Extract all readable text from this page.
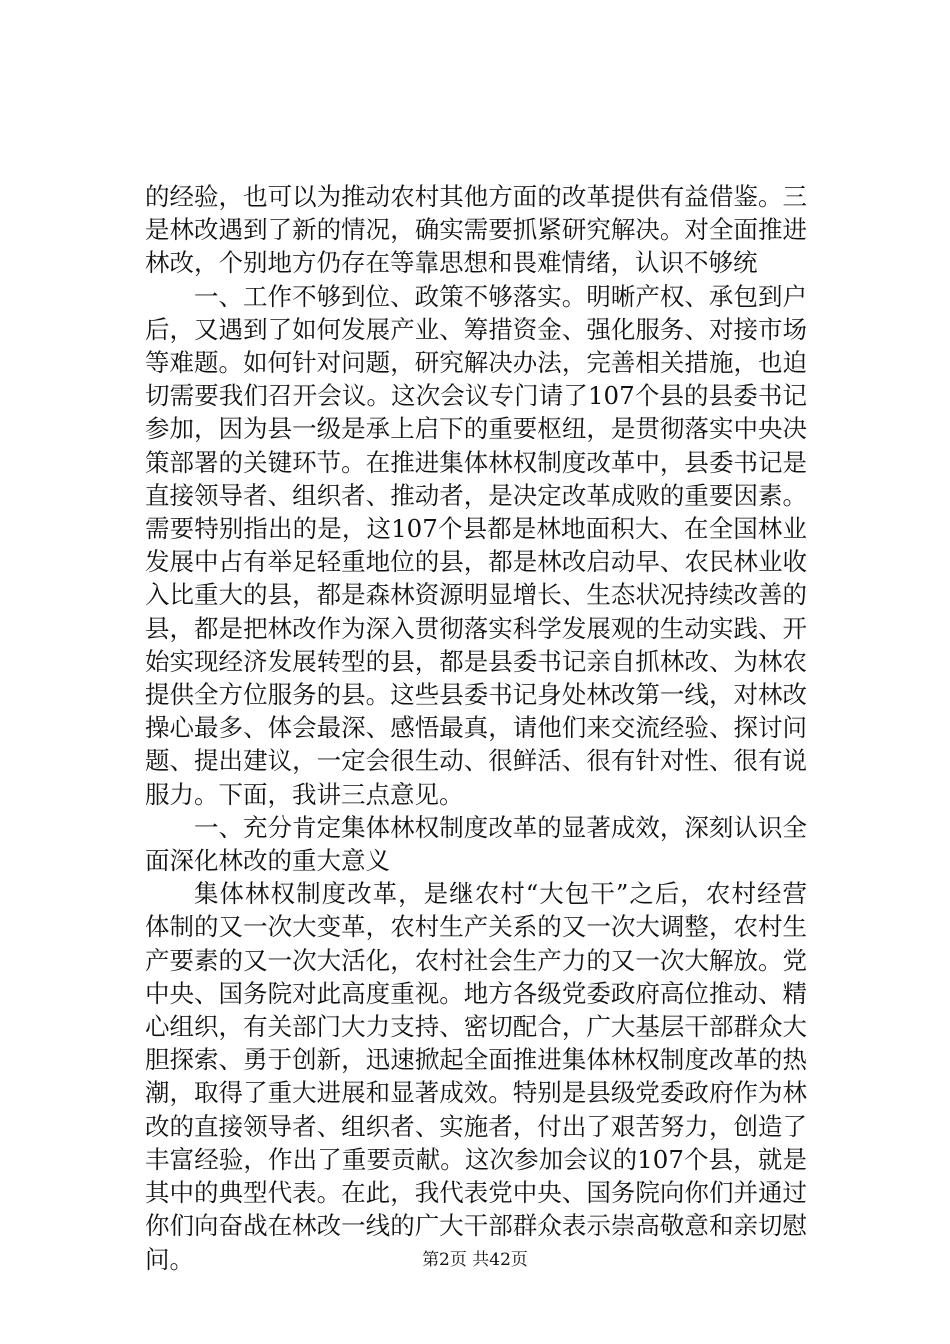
的经验，也可以为推动农村其他方面的改革提供有益借鉴。三是林改遇到了新的情况，确实需要抓紧研究解决。对全面推进林改，个别地方仍存在等靠思想和畏难情绪，认识不够统

一、工作不够到位、政策不够落实。明晰产权、承包到户后，又遇到了如何发展产业、筹措资金、强化服务、对接市场等难题。如何针对问题，研究解决办法，完善相关措施，也迫切需要我们召开会议。这次会议专门请了107个县的县委书记参加，因为县一级是承上启下的重要枢纽，是贯彻落实中央决策部署的关键环节。在推进集体林权制度改革中，县委书记是直接领导者、组织者、推动者，是决定改革成败的重要因素。需要特别指出的是，这107个县都是林地面积大、在全国林业发展中占有举足轻重地位的县，都是林改启动早、农民林业收入比重大的县，都是森林资源明显增长、生态状况持续改善的县，都是把林改作为深入贯彻落实科学发展观的生动实践、开始实现经济发展转型的县，都是县委书记亲自抓林改、为林农提供全方位服务的县。这些县委书记身处林改第一线，对林改操心最多、体会最深、感悟最真，请他们来交流经验、探讨问题、提出建议，一定会很生动、很鲜活、很有针对性、很有说服力。下面，我讲三点意见。

一、充分肯定集体林权制度改革的显著成效，深刻认识全面深化林改的重大意义

集体林权制度改革，是继农村“大包干”之后，农村经营体制的又一次大变革，农村生产关系的又一次大调整，农村生产要素的又一次大活化，农村社会生产力的又一次大解放。党中央、国务院对此高度重视。地方各级党委政府高位推动、精心组织，有关部门大力支持、密切配合，广大基层干部群众大胆探索、勇于创新，迅速掀起全面推进集体林权制度改革的热潮，取得了重大进展和显著成效。特别是县级党委政府作为林改的直接领导者、组织者、实施者，付出了艰苦努力，创造了丰富经验，作出了重要贡献。这次参加会议的107个县，就是其中的典型代表。在此，我代表党中央、国务院向你们并通过你们向奋战在林改一线的广大干部群众表示崇高敬意和亲切慰问。	第2页 共42页
